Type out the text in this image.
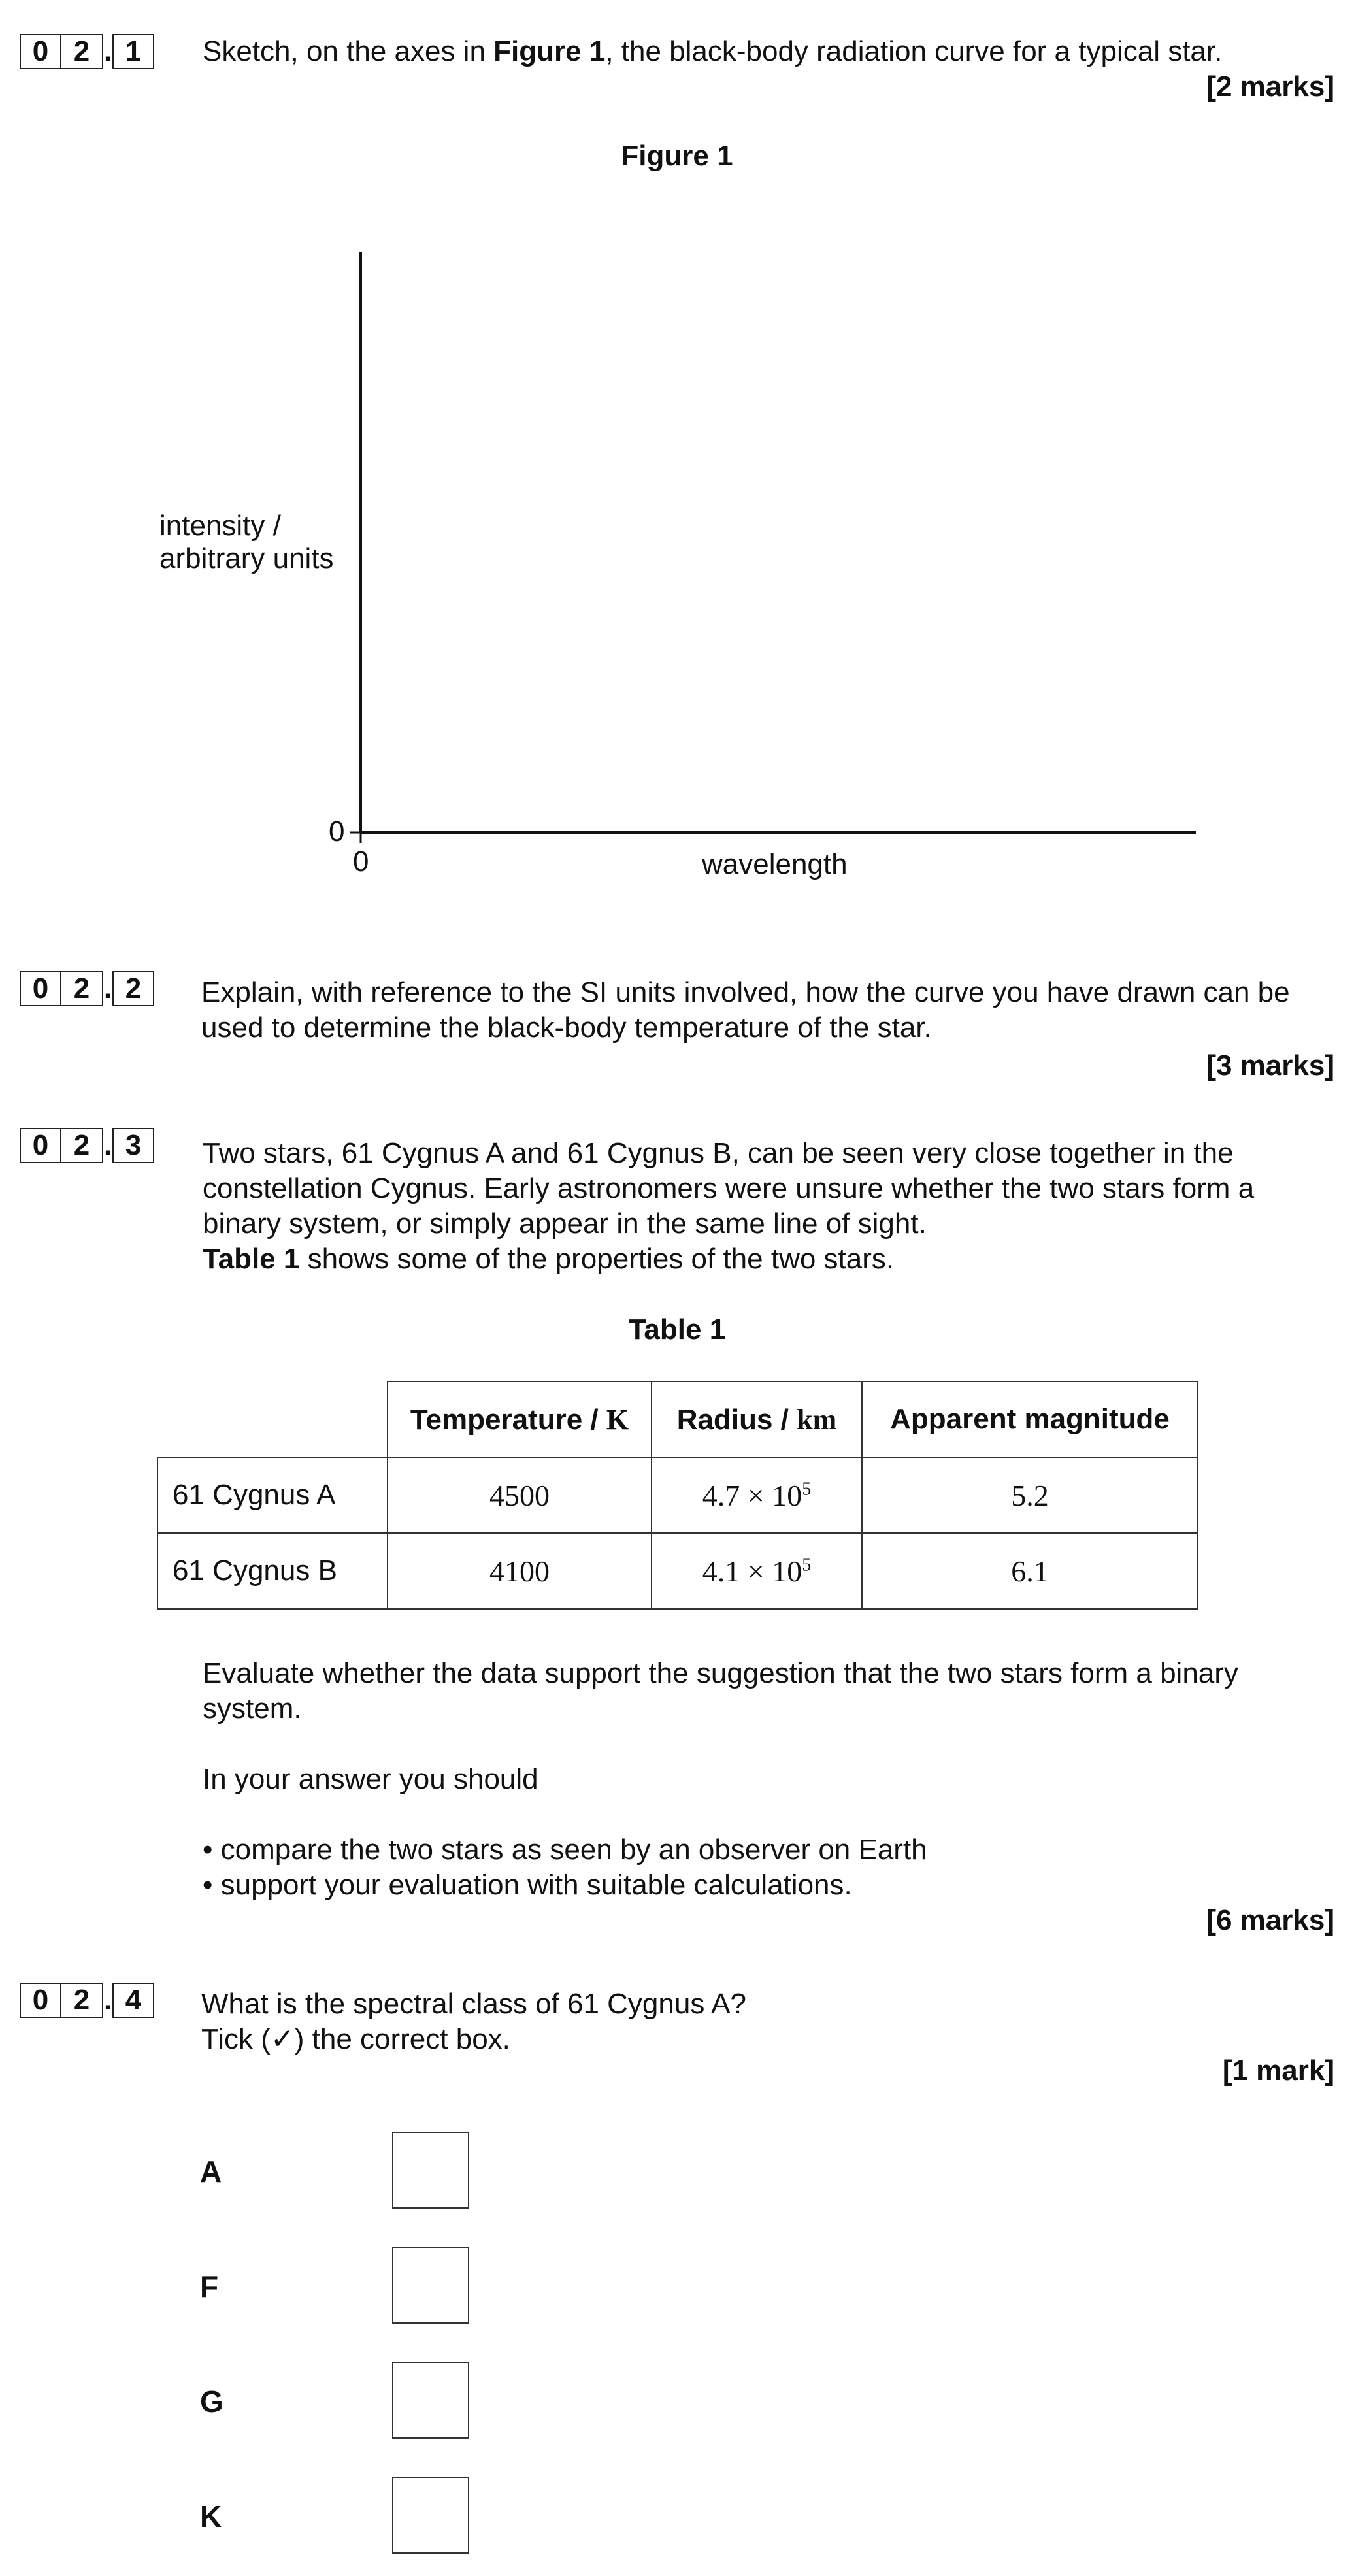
0 2 . 1	Sketch, on the axes in Figure 1, the black-body radiation curve for a typical star.
[2 marks]
Figure 1
intensity /
arbitrary units
0
0	wavelength
0 2 . 2	Explain, with reference to the SI units involved, how the curve you have drawn can be
used to determine the black-body temperature of the star.
[3 marks]
0 2 . 3	Two stars, 61 Cygnus A and 61 Cygnus B, can be seen very close together in the
constellation Cygnus. Early astronomers were unsure whether the two stars form a
binary system, or simply appear in the same line of sight.
Table 1 shows some of the properties of the two stars.
Table 1
	Temperature / K	Radius / km	Apparent magnitude
61 Cygnus A	4500	$4.7 \times 10^5$	5.2
61 Cygnus B	4100	$4.1 \times 10^5$	6.1
Evaluate whether the data support the suggestion that the two stars form a binary
system.
In your answer you should
• compare the two stars as seen by an observer on Earth
• support your evaluation with suitable calculations.
[6 marks]
0 2 . 4	What is the spectral class of 61 Cygnus A?
Tick (✓) the correct box.
[1 mark]
A
F
G
K
